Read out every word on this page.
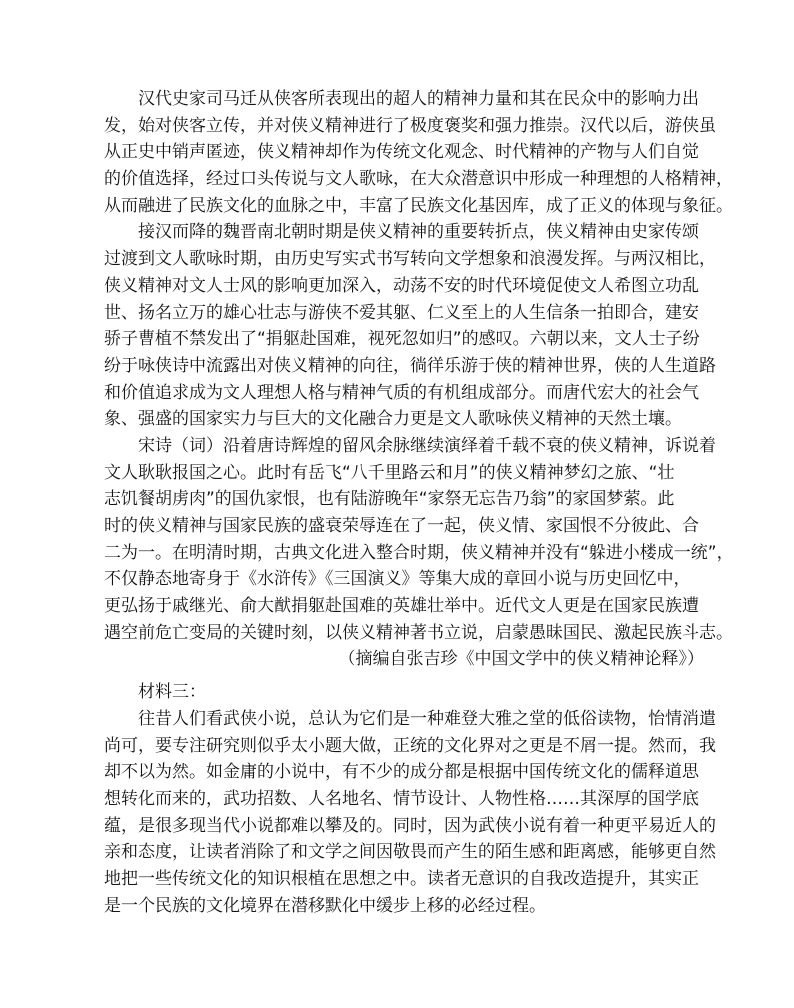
汉代史家司马迁从侠客所表现出的超人的精神力量和其在民众中的影响力出
发，始对侠客立传，并对侠义精神进行了极度褒奖和强力推崇。汉代以后，游侠虽
从正史中销声匿迹，侠义精神却作为传统文化观念、时代精神的产物与人们自觉
的价值选择，经过口头传说与文人歌咏，在大众潜意识中形成一种理想的人格精神，
从而融进了民族文化的血脉之中，丰富了民族文化基因库，成了正义的体现与象征。
接汉而降的魏晋南北朝时期是侠义精神的重要转折点，侠义精神由史家传颂
过渡到文人歌咏时期，由历史写实式书写转向文学想象和浪漫发挥。与两汉相比，
侠义精神对文人士风的影响更加深入，动荡不安的时代环境促使文人希图立功乱
世、扬名立万的雄心壮志与游侠不爱其躯、仁义至上的人生信条一拍即合，建安
骄子曹植不禁发出了“捐躯赴国难，视死忽如归”的感叹。六朝以来，文人士子纷
纷于咏侠诗中流露出对侠义精神的向往，徜徉乐游于侠的精神世界，侠的人生道路
和价值追求成为文人理想人格与精神气质的有机组成部分。而唐代宏大的社会气
象、强盛的国家实力与巨大的文化融合力更是文人歌咏侠义精神的天然土壤。
宋诗（词）沿着唐诗辉煌的留风余脉继续演绎着千载不衰的侠义精神，诉说着
文人耿耿报国之心。此时有岳飞“八千里路云和月”的侠义精神梦幻之旅、“壮
志饥餐胡虏肉”的国仇家恨，也有陆游晚年“家祭无忘告乃翁”的家国梦萦。此
时的侠义精神与国家民族的盛衰荣辱连在了一起，侠义情、家国恨不分彼此、合
二为一。在明清时期，古典文化进入整合时期，侠义精神并没有“躲进小楼成一统”，
不仅静态地寄身于《水浒传》《三国演义》等集大成的章回小说与历史回忆中，
更弘扬于戚继光、俞大猷捐躯赴国难的英雄壮举中。近代文人更是在国家民族遭
遇空前危亡变局的关键时刻，以侠义精神著书立说，启蒙愚昧国民、激起民族斗志。
（摘编自张吉珍《中国文学中的侠义精神论释》）
材料三：
往昔人们看武侠小说，总认为它们是一种难登大雅之堂的低俗读物，怡情消遣
尚可，要专注研究则似乎太小题大做，正统的文化界对之更是不屑一提。然而，我
却不以为然。如金庸的小说中，有不少的成分都是根据中国传统文化的儒释道思
想转化而来的，武功招数、人名地名、情节设计、人物性格……其深厚的国学底
蕴，是很多现当代小说都难以攀及的。同时，因为武侠小说有着一种更平易近人的
亲和态度，让读者消除了和文学之间因敬畏而产生的陌生感和距离感，能够更自然
地把一些传统文化的知识根植在思想之中。读者无意识的自我改造提升，其实正
是一个民族的文化境界在潜移默化中缓步上移的必经过程。
